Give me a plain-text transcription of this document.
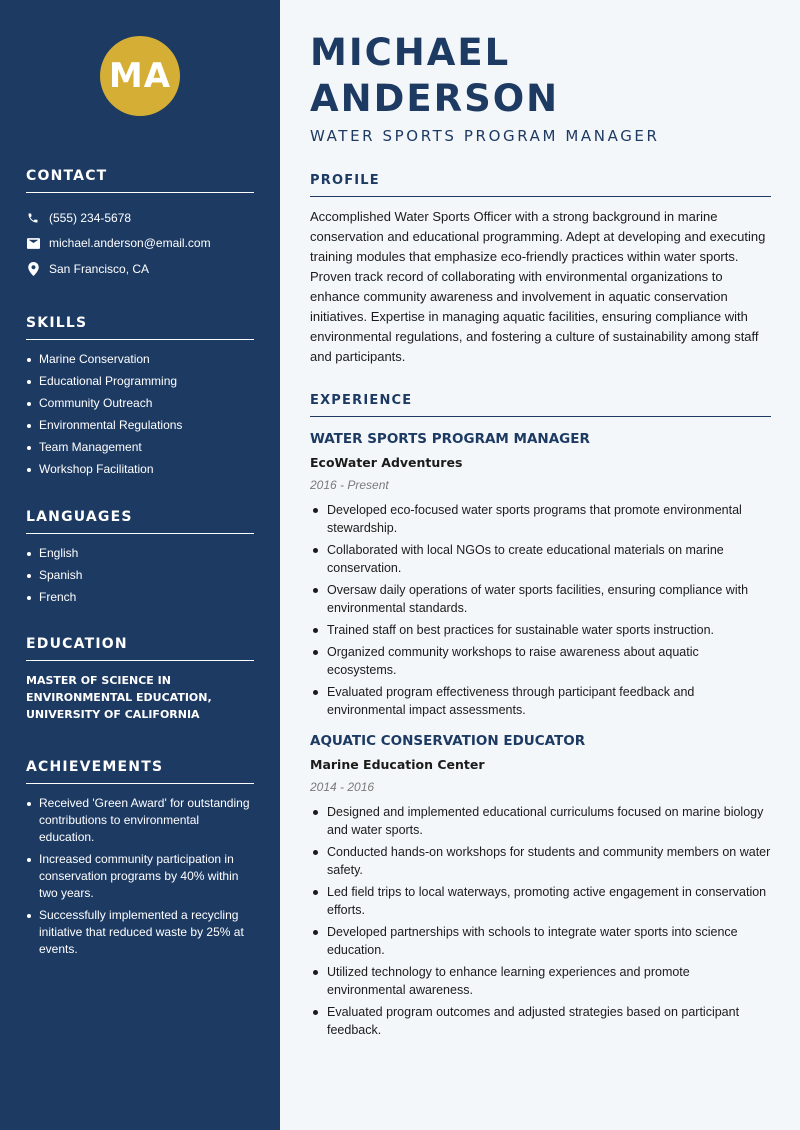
MA
CONTACT
(555) 234-5678
michael.anderson@email.com
San Francisco, CA
SKILLS
Marine Conservation
Educational Programming
Community Outreach
Environmental Regulations
Team Management
Workshop Facilitation
LANGUAGES
English
Spanish
French
EDUCATION

MASTER OF SCIENCE IN ENVIRONMENTAL EDUCATION, UNIVERSITY OF CALIFORNIA

ACHIEVEMENTS
Received 'Green Award' for outstanding contributions to environmental education.
Increased community participation in conservation programs by 40% within two years.
Successfully implemented a recycling initiative that reduced waste by 25% at events.
MICHAEL ANDERSON
WATER SPORTS PROGRAM MANAGER
PROFILE

Accomplished Water Sports Officer with a strong background in marine conservation and educational programming. Adept at developing and executing training modules that emphasize eco-friendly practices within water sports. Proven track record of collaborating with environmental organizations to enhance community awareness and involvement in aquatic conservation initiatives. Expertise in managing aquatic facilities, ensuring compliance with environmental regulations, and fostering a culture of sustainability among staff and participants.

EXPERIENCE
WATER SPORTS PROGRAM MANAGER
EcoWater Adventures
2016 - Present
Developed eco-focused water sports programs that promote environmental stewardship.
Collaborated with local NGOs to create educational materials on marine conservation.
Oversaw daily operations of water sports facilities, ensuring compliance with environmental standards.
Trained staff on best practices for sustainable water sports instruction.
Organized community workshops to raise awareness about aquatic ecosystems.
Evaluated program effectiveness through participant feedback and environmental impact assessments.
AQUATIC CONSERVATION EDUCATOR
Marine Education Center
2014 - 2016
Designed and implemented educational curriculums focused on marine biology and water sports.
Conducted hands-on workshops for students and community members on water safety.
Led field trips to local waterways, promoting active engagement in conservation efforts.
Developed partnerships with schools to integrate water sports into science education.
Utilized technology to enhance learning experiences and promote environmental awareness.
Evaluated program outcomes and adjusted strategies based on participant feedback.
